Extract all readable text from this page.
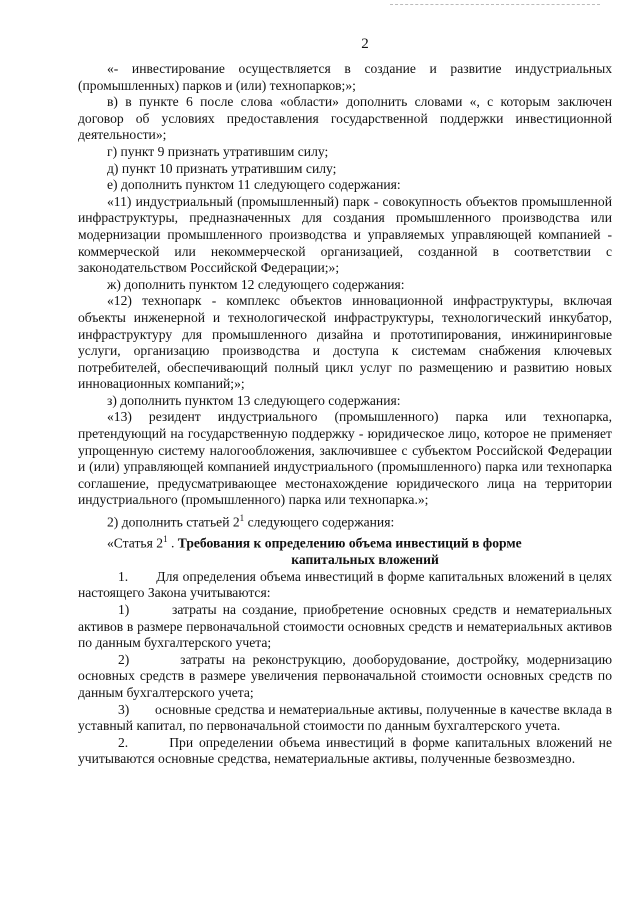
2

«- инвестирование осуществляется в создание и развитие индустриальных (промышленных) парков и (или) технопарков;»;

в) в пункте 6 после слова «области» дополнить словами «, с которым заключен договор об условиях предоставления государственной поддержки инвестиционной деятельности»;

г) пункт 9 признать утратившим силу;

д) пункт 10 признать утратившим силу;

е) дополнить пунктом 11 следующего содержания:

«11) индустриальный (промышленный) парк - совокупность объектов промышленной инфраструктуры, предназначенных для создания промышленного производства или модернизации промышленного производства и управляемых управляющей компанией - коммерческой или некоммерческой организацией, созданной в соответствии с законодательством Российской Федерации;»;

ж) дополнить пунктом 12 следующего содержания:

«12) технопарк - комплекс объектов инновационной инфраструктуры, включая объекты инженерной и технологической инфраструктуры, технологический инкубатор, инфраструктуру для промышленного дизайна и прототипирования, инжиниринговые услуги, организацию производства и доступа к системам снабжения ключевых потребителей, обеспечивающий полный цикл услуг по размещению и развитию новых инновационных компаний;»;

з) дополнить пунктом 13 следующего содержания:

«13) резидент индустриального (промышленного) парка или технопарка, претендующий на государственную поддержку - юридическое лицо, которое не применяет упрощенную систему налогообложения, заключившее с субъектом Российской Федерации и (или) управляющей компанией индустриального (промышленного) парка или технопарка соглашение, предусматривающее местонахождение юридического лица на территории индустриального (промышленного) парка или технопарка.»;

2) дополнить статьей $2^1$ следующего содержания:

«Статья $2^1$ . Требования к определению объема инвестиций в форме
капитальных вложений

1.       Для определения объема инвестиций в форме капитальных вложений в целях настоящего Закона учитываются:

1)       затраты на создание, приобретение основных средств и нематериальных активов в размере первоначальной стоимости основных средств и нематериальных активов по данным бухгалтерского учета;

2)       затраты на реконструкцию, дооборудование, достройку, модернизацию основных средств в размере увеличения первоначальной стоимости основных средств по данным бухгалтерского учета;

3)       основные средства и нематериальные активы, полученные в качестве вклада в уставный капитал, по первоначальной стоимости по данным бухгалтерского учета.

2.       При определении объема инвестиций в форме капитальных вложений не учитываются основные средства, нематериальные активы, полученные безвозмездно.
